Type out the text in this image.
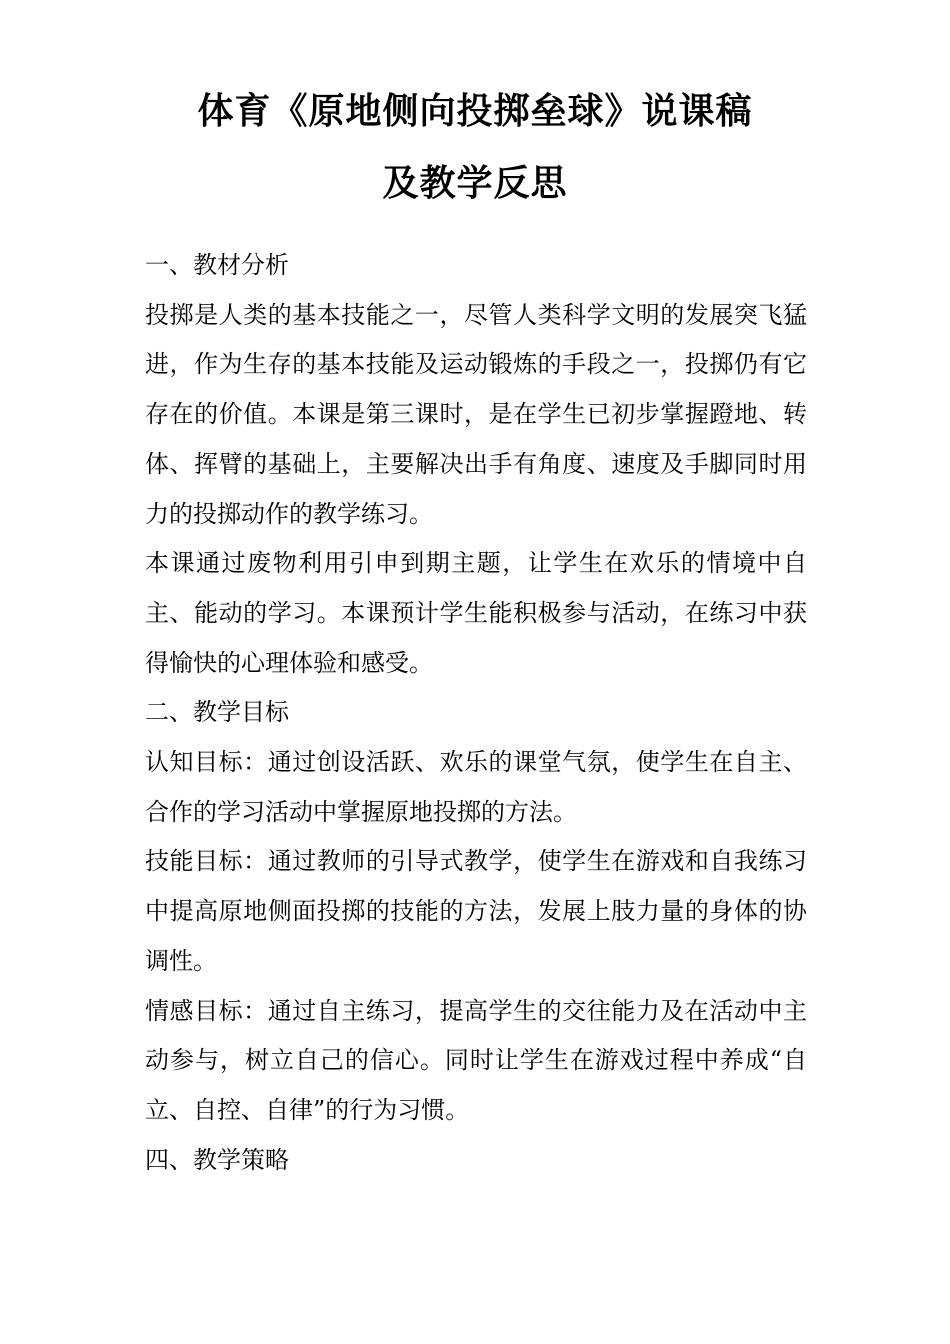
体育《原地侧向投掷垒球》说课稿
及教学反思

一、教材分析

投掷是人类的基本技能之一，尽管人类科学文明的发展突飞猛进，作为生存的基本技能及运动锻炼的手段之一，投掷仍有它存在的价值。本课是第三课时，是在学生已初步掌握蹬地、转体、挥臂的基础上，主要解决出手有角度、速度及手脚同时用力的投掷动作的教学练习。

本课通过废物利用引申到期主题，让学生在欢乐的情境中自主、能动的学习。本课预计学生能积极参与活动，在练习中获得愉快的心理体验和感受。

二、教学目标

认知目标：通过创设活跃、欢乐的课堂气氛，使学生在自主、合作的学习活动中掌握原地投掷的方法。

技能目标：通过教师的引导式教学，使学生在游戏和自我练习中提高原地侧面投掷的技能的方法，发展上肢力量的身体的协调性。

情感目标：通过自主练习，提高学生的交往能力及在活动中主动参与，树立自己的信心。同时让学生在游戏过程中养成“自立、自控、自律”的行为习惯。

四、教学策略
